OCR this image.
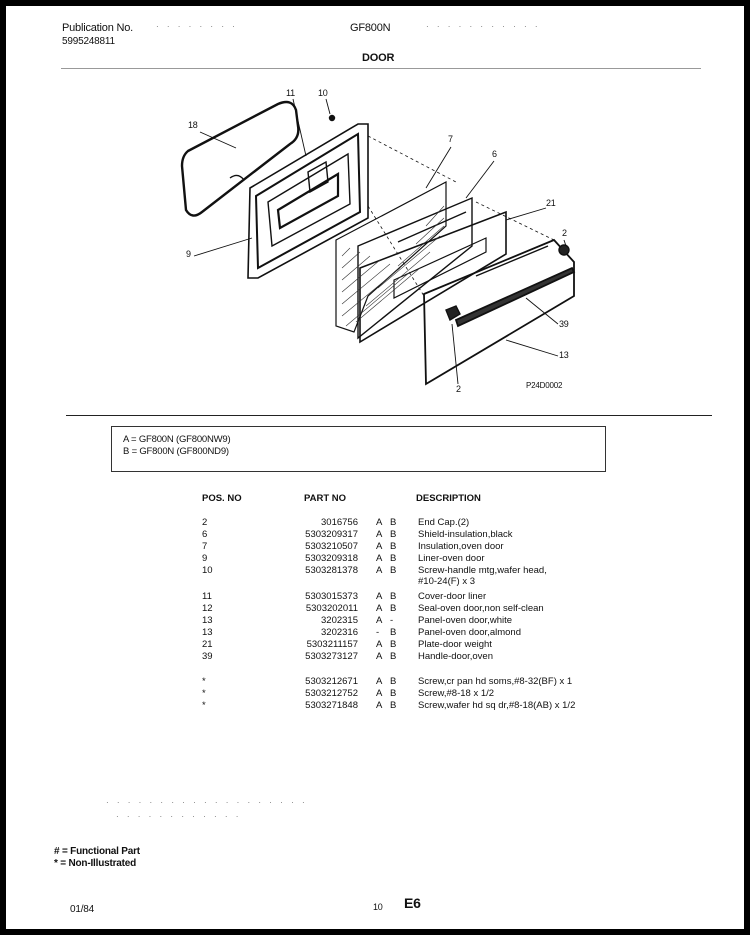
Publication No.
5995248811
GF800N
DOOR
· · · · · · · ·	· · · · · · · · · · ·
11	10
18
7
6
21
2
9
39
13
2	P24D0002
A = GF800N (GF800NW9)
B = GF800N (GF800ND9)
POS. NO	PART NO	DESCRIPTION
2	3016756 A B End Cap.(2)
6	5303209317 A B Shield-insulation,black
7	5303210507 A B Insulation,oven door
9	5303209318 A B Liner-oven door
10	5303281378 A B Screw-handle mtg,wafer head,
#10-24(F) x 3
11	5303015373 A B Cover-door liner
12	5303202011 A B Seal-oven door,non self-clean
13	3202315 A -	Panel-oven door,white
13	3202316 - B Panel-oven door,almond
21	5303211157 A B Plate-door weight
39	5303273127 A B Handle-door,oven
*	5303212671 A B Screw,cr pan hd soms,#8-32(BF) x 1
*	5303212752 A B Screw,#8-18 x 1/2
*	5303271848 A B Screw,wafer hd sq dr,#8-18(AB) x 1/2
· · · · · · · · · · · · · · · · · · ·
· · · · · · · · · · · ·
# = Functional Part
* = Non-Illustrated
01/84	10 E6
